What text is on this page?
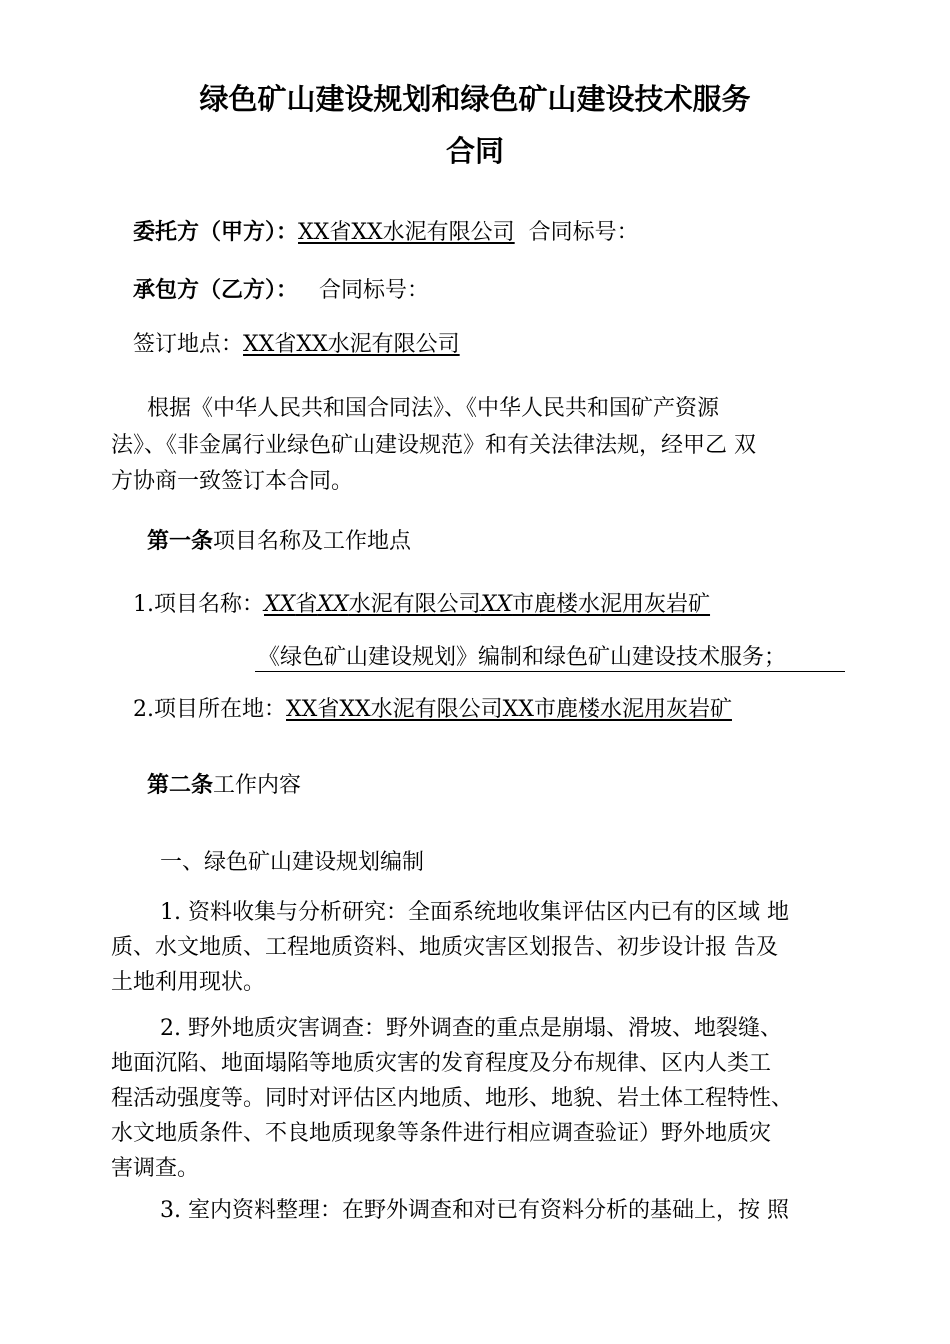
绿色矿山建设规划和绿色矿山建设技术服务
合同
委托方（甲方）：XX省XX水泥有限公司 合同标号：
承包方（乙方）： 合同标号：
签订地点：XX省XX水泥有限公司
根据《中华人民共和国合同法》、《中华人民共和国矿产资源
法》、《非金属行业绿色矿山建设规范》和有关法律法规，经甲乙 双
方协商一致签订本合同。
第一条项目名称及工作地点
1.项目名称：XX省XX水泥有限公司XX市鹿楼水泥用灰岩矿
《绿色矿山建设规划》编制和绿色矿山建设技术服务；
2.项目所在地：XX省XX水泥有限公司XX市鹿楼水泥用灰岩矿
第二条工作内容
一、绿色矿山建设规划编制
1. 资料收集与分析研究：全面系统地收集评估区内已有的区域 地
质、水文地质、工程地质资料、地质灾害区划报告、初步设计报 告及
土地利用现状。
2. 野外地质灾害调查：野外调查的重点是崩塌、滑坡、地裂缝、
地面沉陷、地面塌陷等地质灾害的发育程度及分布规律、区内人类工
程活动强度等。同时对评估区内地质、地形、地貌、岩土体工程特性、
水文地质条件、不良地质现象等条件进行相应调查验证）野外地质灾
害调查。
3. 室内资料整理：在野外调查和对已有资料分析的基础上，按 照
